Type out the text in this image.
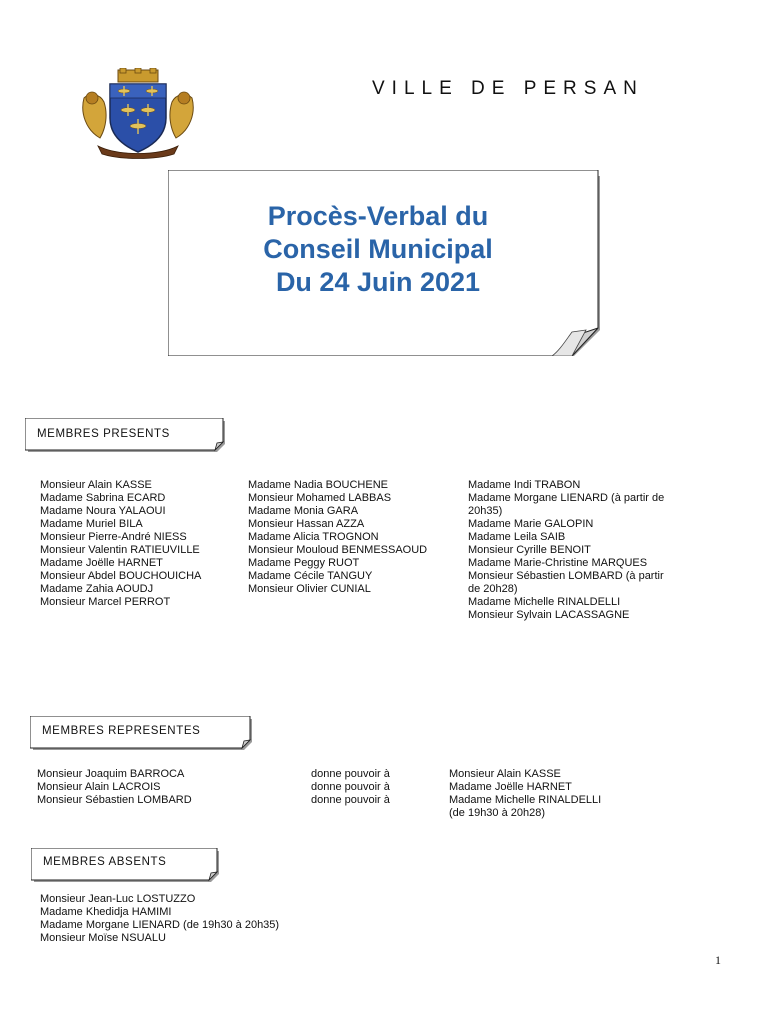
VILLE DE PERSAN
Procès-Verbal du
Conseil Municipal
Du 24 Juin 2021
MEMBRES PRESENTS
Monsieur Alain KASSE
Madame Sabrina ECARD
Madame Noura YALAOUI
Madame Muriel BILA
Monsieur Pierre-André NIESS
Monsieur Valentin RATIEUVILLE
Madame Joëlle HARNET
Monsieur Abdel BOUCHOUICHA
Madame Zahia AOUDJ
Monsieur Marcel PERROT
Madame Nadia BOUCHENE
Monsieur Mohamed LABBAS
Madame Monia GARA
Monsieur Hassan AZZA
Madame Alicia TROGNON
Monsieur Mouloud BENMESSAOUD
Madame Peggy RUOT
Madame Cécile TANGUY
Monsieur Olivier CUNIAL
Madame Indi TRABON
Madame Morgane LIENARD (à partir de
20h35)
Madame Marie GALOPIN
Madame Leila SAIB
Monsieur Cyrille BENOIT
Madame Marie-Christine MARQUES
Monsieur Sébastien LOMBARD (à partir
de 20h28)
Madame Michelle RINALDELLI
Monsieur Sylvain LACASSAGNE
MEMBRES REPRESENTES
Monsieur Joaquim BARROCA
Monsieur Alain LACROIS
Monsieur Sébastien LOMBARD
donne pouvoir à
donne pouvoir à
donne pouvoir à
Monsieur Alain KASSE
Madame Joëlle HARNET
Madame Michelle RINALDELLI
(de 19h30 à 20h28)
MEMBRES ABSENTS
Monsieur Jean-Luc LOSTUZZO
Madame Khedidja HAMIMI
Madame Morgane LIENARD (de 19h30 à 20h35)
Monsieur Moïse NSUALU
1
